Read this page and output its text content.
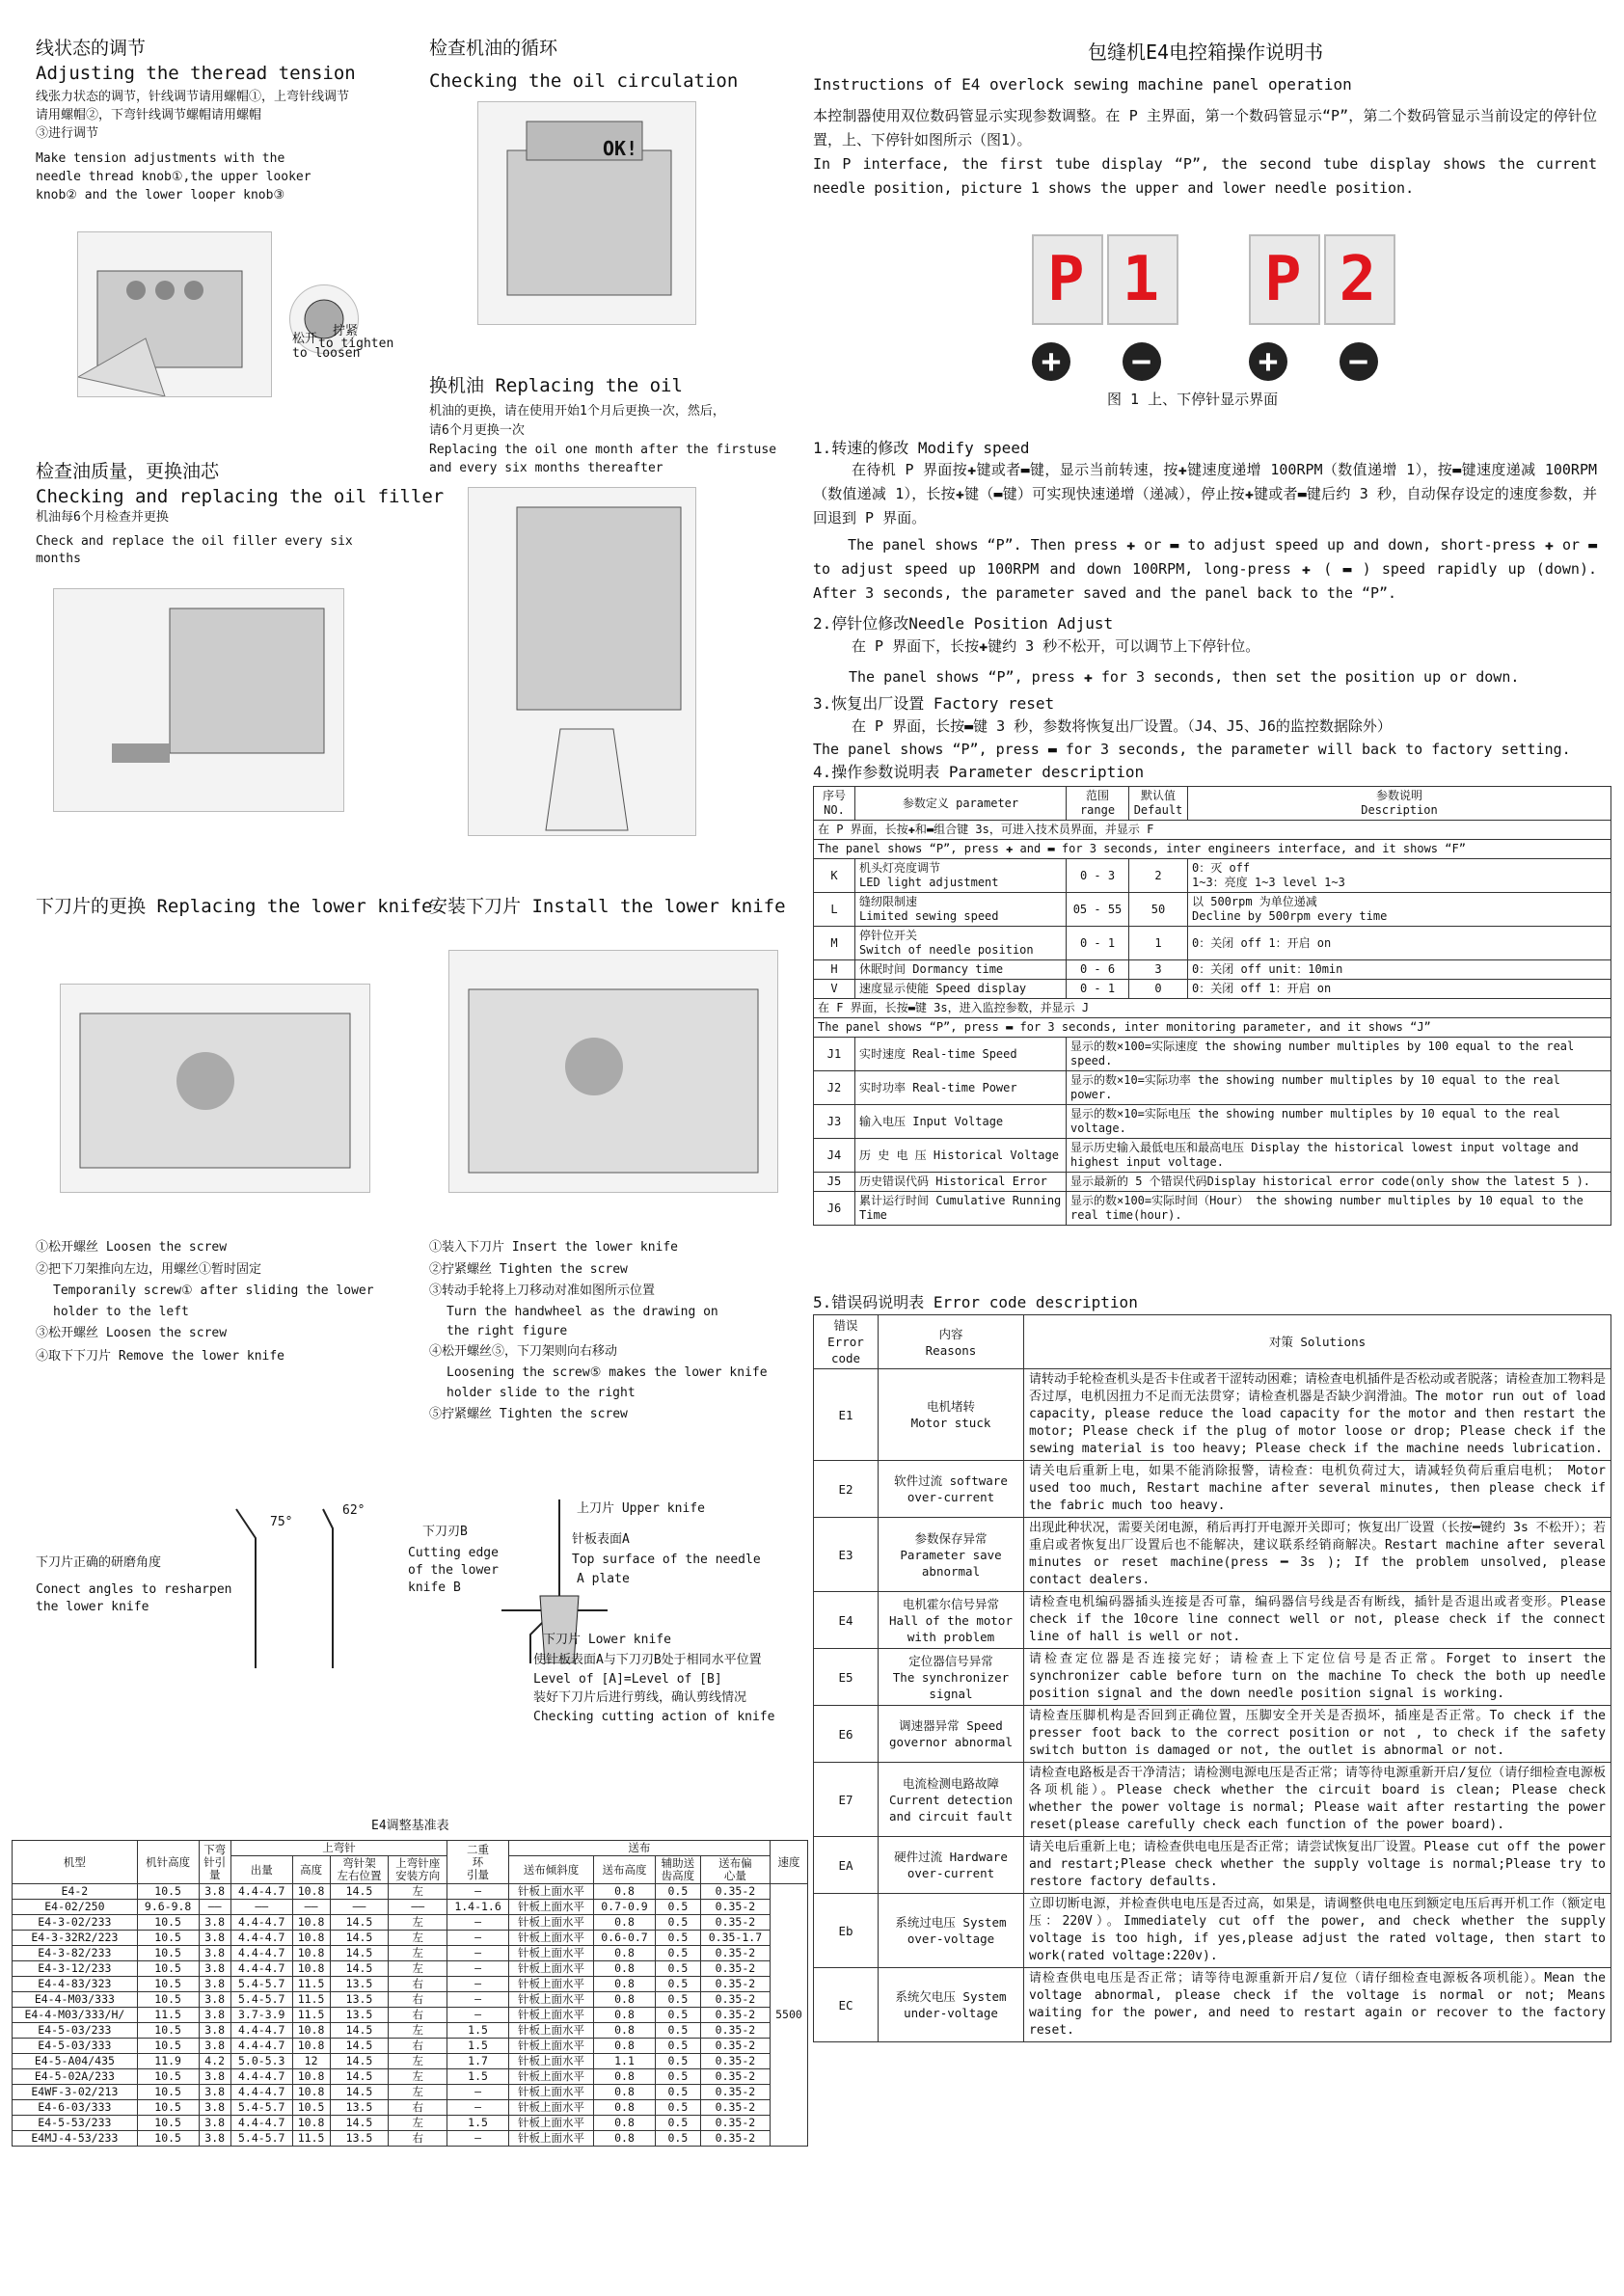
线状态的调节
Adjusting the theread tension
线张力状态的调节，针线调节请用螺帽①，上弯针线调节
请用螺帽②，下弯针线调节螺帽请用螺帽
③进行调节
Make tension adjustments with the
needle thread knob①,the upper looker
knob② and the lower looper knob③
拧紧
to tighten
松开
to loosen
检查机油的循环
Checking the oil circulation
OK!
换机油 Replacing the oil
机油的更换，请在使用开始1个月后更换一次，然后，
请6个月更换一次
Replacing the oil one month after the firstuse
and every six months thereafter
检查油质量，更换油芯
Checking and replacing the oil filler
机油每6个月检查并更换
Check and replace the oil filler every six
months
下刀片的更换 Replacing the lower knife
①松开螺丝 Loosen the screw
②把下刀架推向左边，用螺丝①暂时固定
Temporanily screw① after sliding the lower
holder to the left
③松开螺丝 Loosen the screw
④取下下刀片 Remove the lower knife
安装下刀片 Install the lower knife
①装入下刀片 Insert the lower knife
②拧紧螺丝 Tighten the screw
③转动手轮将上刀移动对准如图所示位置
Turn the handwheel as the drawing on
the right figure
④松开螺丝⑤，下刀架则向右移动
Loosening the screw⑤ makes the lower knife
holder slide to the right
⑤拧紧螺丝 Tighten the screw
下刀片正确的研磨角度
Conect angles to resharpen
the lower knife
75°
62°
下刀刃B
Cutting edge
of the lower
knife B
上刀片 Upper knife
针板表面A
Top surface of the needle
A plate
下刀片 Lower knife
使针板表面A与下刀刃B处于相同水平位置
Level of [A]=Level of [B]
装好下刀片后进行剪线，确认剪线情况
Checking cutting action of knife
E4调整基准表
机型	机针高度	下弯
针引
量	上弯针				二重
环
引量	送布				速度
			出量	高度	弯针架
左右位置	上弯针座
安装方向		送布倾斜度	送布高度	辅助送
齿高度	送布偏
心量	
E4-2	10.5	3.8	4.4-4.7	10.8	14.5	左	—	针板上面水平	0.8	0.5	0.35-2	5500
E4-02/250	9.6-9.8	——	——	——	——	——	1.4-1.6	针板上面水平	0.7-0.9	0.5	0.35-2	
E4-3-02/233	10.5	3.8	4.4-4.7	10.8	14.5	左	—	针板上面水平	0.8	0.5	0.35-2	
E4-3-32R2/223	10.5	3.8	4.4-4.7	10.8	14.5	左	—	针板上面水平	0.6-0.7	0.5	0.35-1.7	
E4-3-82/233	10.5	3.8	4.4-4.7	10.8	14.5	左	—	针板上面水平	0.8	0.5	0.35-2	
E4-3-12/233	10.5	3.8	4.4-4.7	10.8	14.5	左	—	针板上面水平	0.8	0.5	0.35-2	
E4-4-83/323	10.5	3.8	5.4-5.7	11.5	13.5	右	—	针板上面水平	0.8	0.5	0.35-2	
E4-4-M03/333	10.5	3.8	5.4-5.7	11.5	13.5	右	—	针板上面水平	0.8	0.5	0.35-2	
E4-4-M03/333/H/	11.5	3.8	3.7-3.9	11.5	13.5	右	—	针板上面水平	0.8	0.5	0.35-2	
E4-5-03/233	10.5	3.8	4.4-4.7	10.8	14.5	左	1.5	针板上面水平	0.8	0.5	0.35-2	
E4-5-03/333	10.5	3.8	4.4-4.7	10.8	14.5	右	1.5	针板上面水平	0.8	0.5	0.35-2	
E4-5-A04/435	11.9	4.2	5.0-5.3	12	14.5	左	1.7	针板上面水平	1.1	0.5	0.35-2	
E4-5-02A/233	10.5	3.8	4.4-4.7	10.8	14.5	左	1.5	针板上面水平	0.8	0.5	0.35-2	
E4WF-3-02/213	10.5	3.8	4.4-4.7	10.8	14.5	左	—	针板上面水平	0.8	0.5	0.35-2	
E4-6-03/333	10.5	3.8	5.4-5.7	10.5	13.5	右	—	针板上面水平	0.8	0.5	0.35-2	
E4-5-53/233	10.5	3.8	4.4-4.7	10.8	14.5	左	1.5	针板上面水平	0.8	0.5	0.35-2	
E4MJ-4-53/233	10.5	3.8	5.4-5.7	11.5	13.5	右	—	针板上面水平	0.8	0.5	0.35-2	
包缝机E4电控箱操作说明书
Instructions of E4 overlock sewing machine panel operation
本控制器使用双位数码管显示实现参数调整。在 P 主界面，第一个数码管显示“P”，第二个数码管显示当前设定的停针位置，上、下停针如图所示（图1）。
In P interface, the first tube display “P”, the second tube display shows the current needle position, picture 1 shows the upper and lower needle position.
P
1
+ −
P
2
+ −
图 1 上、下停针显示界面
1.转速的修改 Modify speed
在待机 P 界面按✚键或者▬键，显示当前转速，按✚键速度递增 100RPM（数值递增 1），按▬键速度递减 100RPM（数值递减 1），长按✚键（▬键）可实现快速递增（递减），停止按✚键或者▬键后约 3 秒，自动保存设定的速度参数，并回退到 P 界面。
The panel shows “P”. Then press ✚ or ▬ to adjust speed up and down, short-press ✚ or ▬ to adjust speed up 100RPM and down 100RPM, long-press ✚ ( ▬ ) speed rapidly up (down). After 3 seconds, the parameter saved and the panel back to the “P”.
2.停针位修改Needle Position Adjust
在 P 界面下，长按✚键约 3 秒不松开，可以调节上下停针位。
The panel shows “P”, press ✚ for 3 seconds, then set the position up or down.
3.恢复出厂设置 Factory reset
在 P 界面，长按▬键 3 秒，参数将恢复出厂设置。（J4、J5、J6的监控数据除外）
The panel shows “P”, press ▬ for 3 seconds, the parameter will back to factory setting.
4.操作参数说明表 Parameter description
序号
NO.	参数定义 parameter	范围
range	默认值
Default	参数说明
Description
在 P 界面，长按✚和▬组合键 3s，可进入技术员界面，并显示 F				
The panel shows “P”, press ✚ and ▬ for 3 seconds, inter engineers interface, and it shows “F”				
K	机头灯亮度调节
LED light adjustment	0 - 3	2	0：灭 off
1~3：亮度 1~3 level 1~3
L	缝纫限制速
Limited sewing speed	05 - 55	50	以 500rpm 为单位递减
Decline by 500rpm every time
M	停针位开关
Switch of needle position	0 - 1	1	0：关闭 off 1：开启 on
H	休眠时间 Dormancy time	0 - 6	3	0：关闭 off unit：10min
V	速度显示使能 Speed display	0 - 1	0	0：关闭 off 1：开启 on
在 F 界面，长按▬键 3s，进入监控参数，并显示 J				
The panel shows “P”, press ▬ for 3 seconds, inter monitoring parameter, and it shows “J”				
J1	实时速度 Real-time Speed	显示的数×100=实际速度 the showing number multiples by 100 equal to the real speed.		
J2	实时功率 Real-time Power	显示的数×10=实际功率 the showing number multiples by 10 equal to the real power.		
J3	输入电压 Input Voltage	显示的数×10=实际电压 the showing number multiples by 10 equal to the real voltage.		
J4	历 史 电 压 Historical Voltage	显示历史输入最低电压和最高电压 Display the historical lowest input voltage and highest input voltage.		
J5	历史错误代码 Historical Error	显示最新的 5 个错误代码Display historical error code(only show the latest 5 ).		
J6	累计运行时间 Cumulative Running Time	显示的数×100=实际时间（Hour） the showing number multiples by 10 equal to the real time(hour).		
5.错误码说明表 Error code description
错误
Error
code	内容
Reasons	对策 Solutions
E1	电机堵转
Motor stuck	请转动手轮检查机头是否卡住或者干涩转动困难；请检查电机插件是否松动或者脱落；请检查加工物料是否过厚，电机因扭力不足而无法贯穿；请检查机器是否缺少润滑油。The motor run out of load capacity, please reduce the load capacity for the motor and then restart the motor; Please check if the plug of motor loose or drop; Please check if the sewing material is too heavy; Please check if the machine needs lubrication.
E2	软件过流 software
over-current	请关电后重新上电，如果不能消除报警，请检查：电机负荷过大，请减轻负荷后重启电机； Motor used too much, Restart machine after several minutes, then please check if the fabric much too heavy.
E3	参数保存异常
Parameter save abnormal	出现此种状况，需要关闭电源，稍后再打开电源开关即可；恢复出厂设置（长按━键约 3s 不松开）；若重启或者恢复出厂设置后也不能解决，建议联系经销商解决。Restart machine after several minutes or reset machine(press ━ 3s ); If the problem unsolved, please contact dealers.
E4	电机霍尔信号异常
Hall of the motor with problem	请检查电机编码器插头连接是否可靠，编码器信号线是否有断线，插针是否退出或者变形。Please check if the 10core line connect well or not, please check if the connect line of hall is well or not.
E5	定位器信号异常
The synchronizer signal	请检查定位器是否连接完好；请检查上下定位信号是否正常。Forget to insert the synchronizer cable before turn on the machine To check the both up needle position signal and the down needle position signal is working.
E6	调速器异常 Speed
governor abnormal	请检查压脚机构是否回到正确位置，压脚安全开关是否损坏，插座是否正常。To check if the presser foot back to the correct position or not , to check if the safety switch button is damaged or not, the outlet is abnormal or not.
E7	电流检测电路故障
Current detection and circuit fault	请检查电路板是否干净清洁；请检测电源电压是否正常；请等待电源重新开启/复位（请仔细检查电源板各项机能）。Please check whether the circuit board is clean; Please check whether the power voltage is normal; Please wait after restarting the power reset(please carefully check each function of the power board).
EA	硬件过流 Hardware
over-current	请关电后重新上电；请检查供电电压是否正常；请尝试恢复出厂设置。Please cut off the power and restart;Please check whether the supply voltage is normal;Please try to restore factory defaults.
Eb	系统过电压 System
over-voltage	立即切断电源，并检查供电电压是否过高，如果是，请调整供电电压到额定电压后再开机工作（额定电压：220V）。Immediately cut off the power, and check whether the supply voltage is too high, if yes,please adjust the rated voltage, then start to work(rated voltage:220v).
EC	系统欠电压 System
under-voltage	请检查供电电压是否正常；请等待电源重新开启/复位（请仔细检查电源板各项机能）。Mean the voltage abnormal, please check if the voltage is normal or not; Means waiting for the power, and need to restart again or recover to the factory reset.
